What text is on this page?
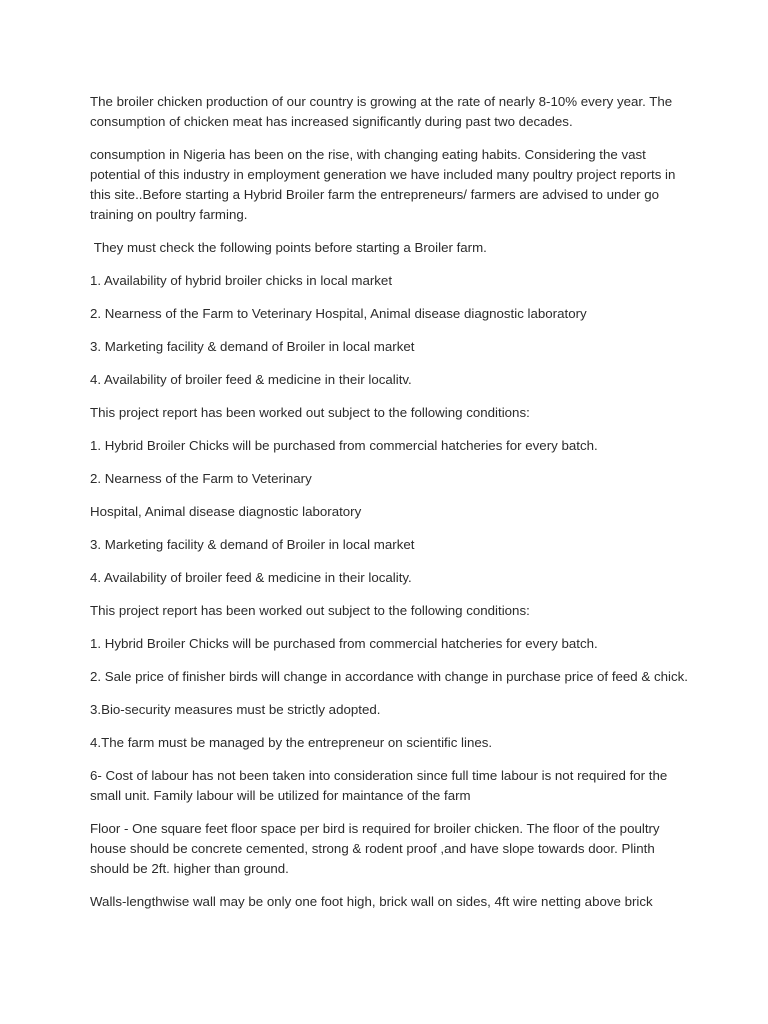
The broiler chicken production of our country is growing at the rate of nearly 8-10% every year. The consumption of chicken meat has increased significantly during past two decades.

consumption in Nigeria has been on the rise, with changing eating habits. Considering the vast potential of this industry in employment generation we have included many poultry project reports in this site..Before starting a Hybrid Broiler farm the entrepreneurs/ farmers are advised to under go training on poultry farming.

They must check the following points before starting a Broiler farm.

1. Availability of hybrid broiler chicks in local market

2. Nearness of the Farm to Veterinary Hospital, Animal disease diagnostic laboratory

3. Marketing facility & demand of Broiler in local market

4. Availability of broiler feed & medicine in their localitv.

This project report has been worked out subject to the following conditions:

1. Hybrid Broiler Chicks will be purchased from commercial hatcheries for every batch.

2. Nearness of the Farm to Veterinary

Hospital, Animal disease diagnostic laboratory

3. Marketing facility & demand of Broiler in local market

4. Availability of broiler feed & medicine in their locality.

This project report has been worked out subject to the following conditions:

1. Hybrid Broiler Chicks will be purchased from commercial hatcheries for every batch.

2. Sale price of finisher birds will change in accordance with change in purchase price of feed & chick.

3.Bio-security measures must be strictly adopted.

4.The farm must be managed by the entrepreneur on scientific lines.

6- Cost of labour has not been taken into consideration since full time labour is not required for the small unit. Family labour will be utilized for maintance of the farm

Floor - One square feet floor space per bird is required for broiler chicken. The floor of the poultry house should be concrete cemented, strong & rodent proof ,and have slope towards door. Plinth should be 2ft. higher than ground.

Walls-lengthwise wall may be only one foot high, brick wall on sides, 4ft wire netting above brick
